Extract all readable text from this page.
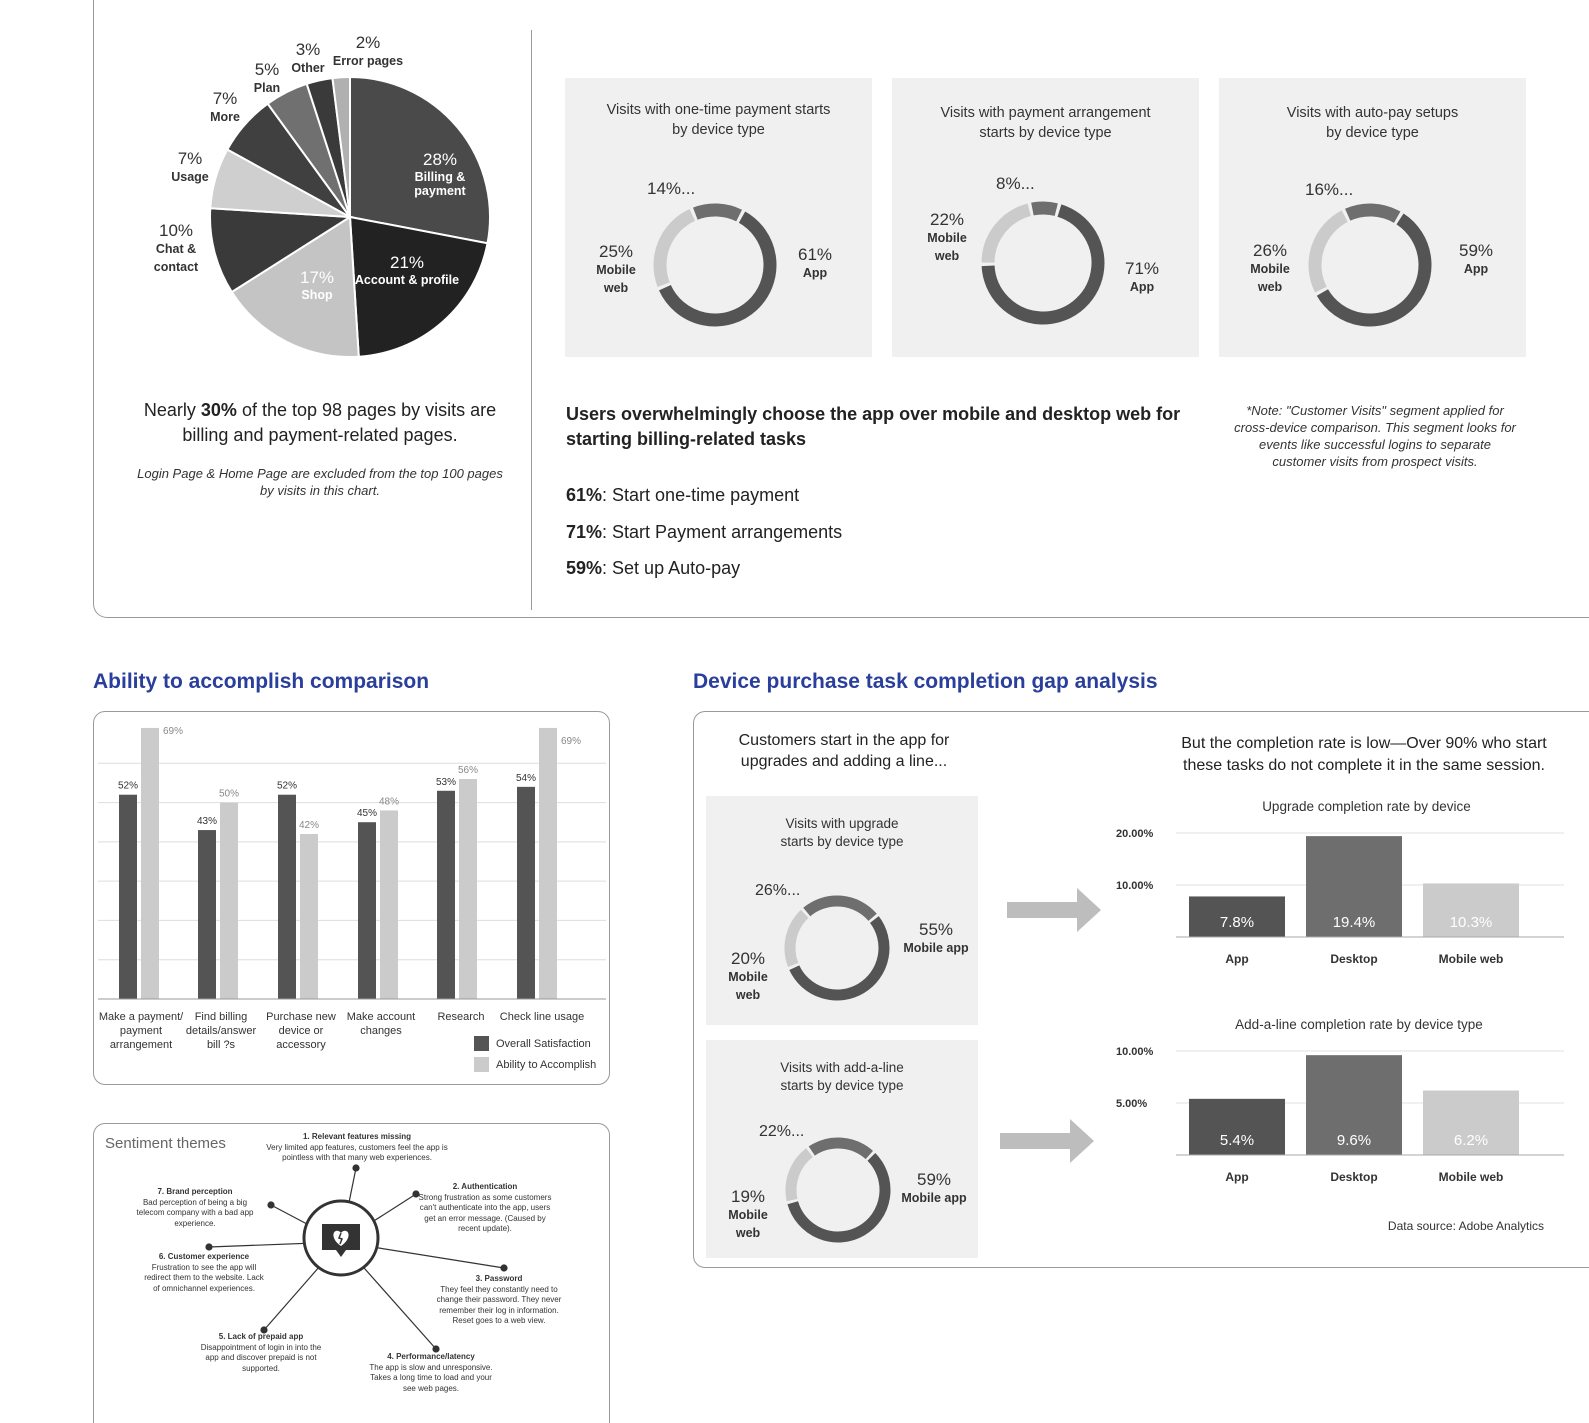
28%
Billing & payment
21%
Account & profile
17%
Shop
10%
Chat &
contact
7%
Usage
7%
More
5%
Plan
3%
Other
2%
Error pages
Nearly 30% of the top 98 pages by visits are
billing and payment-related pages.
Login Page & Home Page are excluded from the top 100 pages
by visits in this chart.
Visits with one-time payment starts
by device type
14%...
25%
Mobile
web
61%
App
Visits with payment arrangement
starts by device type
8%...
22%
Mobile
web
71%
App
Visits with auto-pay setups
by device type
16%...
26%
Mobile
web
59%
App
Users overwhelmingly choose the app over mobile and desktop web for
starting billing-related tasks
61%: Start one-time payment
71%: Start Payment arrangements
59%: Set up Auto-pay
*Note: "Customer Visits" segment applied for
cross-device comparison. This segment looks for
events like successful logins to separate
customer visits from prospect visits.
Ability to accomplish comparison
52%
69%
43%
50%
52%
42%
45%
48%
53%
56%
54%
69%
Make a payment/
payment
arrangement
Find billing
details/answer
bill ?s
Purchase new
device or
accessory
Make account
changes
Research	Check line usage
Overall Satisfaction
Ability to Accomplish
Sentiment themes	1. Relevant features missing
Very limited app features, customers feel the app is
pointless with that many web experiences.
2. Authentication
Strong frustration as some customers
can't authenticate into the app, users
get an error message. (Caused by
recent update).
3. Password
They feel they constantly need to
change their password. They never
remember their log in information.
Reset goes to a web view.
4. Performance/latency
The app is slow and unresponsive.
Takes a long time to load and your
see web pages.
5. Lack of prepaid app
Disappointment of login in into the
app and discover prepaid is not
supported.
6. Customer experience
Frustration to see the app will
redirect them to the website. Lack
of omnichannel experiences.
7. Brand perception
Bad perception of being a big
telecom company with a bad app
experience.
Device purchase task completion gap analysis
Customers start in the app for
upgrades and adding a line...
But the completion rate is low—Over 90% who start
these tasks do not complete it in the same session.
Visits with upgrade
starts by device type
26%...
20%
Mobile
web
55%
Mobile app
Visits with add-a-line
starts by device type
22%...
19%
Mobile
web
59%
Mobile app
Upgrade completion rate by device
20.00%
10.00%
7.8%
App
19.4%
Desktop
10.3%
Mobile web
Add-a-line completion rate by device type
10.00%
5.00%
5.4%
App
9.6%
Desktop
6.2%
Mobile web
Data source: Adobe Analytics
